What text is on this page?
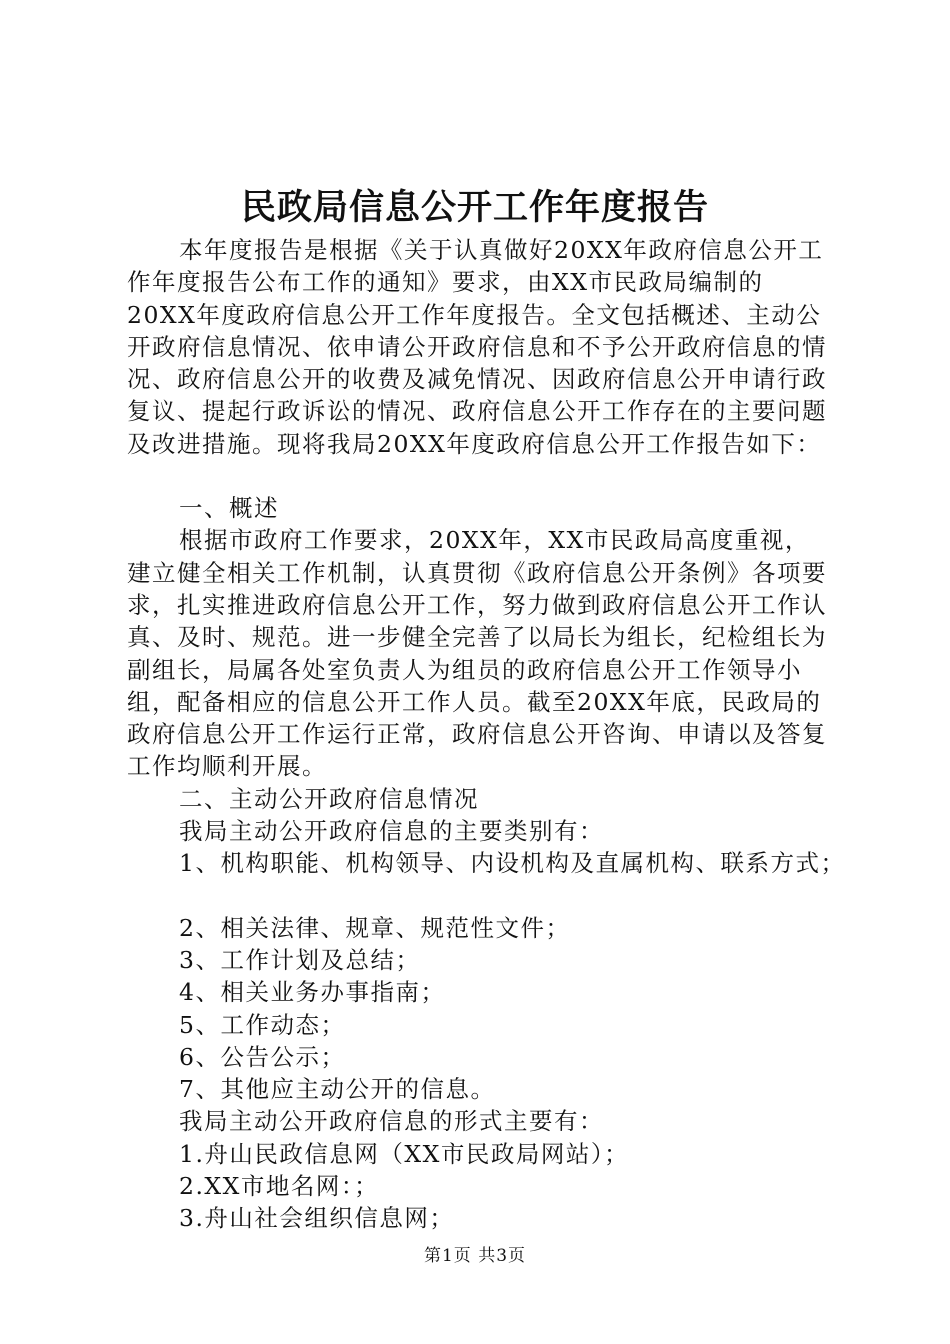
民政局信息公开工作年度报告

本年度报告是根据《关于认真做好20XX年政府信息公开工作年度报告公布工作的通知》要求，由XX市民政局编制的20XX年度政府信息公开工作年度报告。全文包括概述、主动公开政府信息情况、依申请公开政府信息和不予公开政府信息的情况、政府信息公开的收费及减免情况、因政府信息公开申请行政复议、提起行政诉讼的情况、政府信息公开工作存在的主要问题及改进措施。现将我局20XX年度政府信息公开工作报告如下：

一、概述

根据市政府工作要求，20XX年，XX市民政局高度重视，建立健全相关工作机制，认真贯彻《政府信息公开条例》各项要求，扎实推进政府信息公开工作，努力做到政府信息公开工作认真、及时、规范。进一步健全完善了以局长为组长，纪检组长为副组长，局属各处室负责人为组员的政府信息公开工作领导小组，配备相应的信息公开工作人员。截至20XX年底，民政局的政府信息公开工作运行正常，政府信息公开咨询、申请以及答复工作均顺利开展。

二、主动公开政府信息情况

我局主动公开政府信息的主要类别有：

1、机构职能、机构领导、内设机构及直属机构、联系方式；

2、相关法律、规章、规范性文件；

3、工作计划及总结；

4、相关业务办事指南；

5、工作动态；

6、公告公示；

7、其他应主动公开的信息。

我局主动公开政府信息的形式主要有：

1.舟山民政信息网（XX市民政局网站）；

2.XX市地名网：；

3.舟山社会组织信息网；

第1页 共3页
